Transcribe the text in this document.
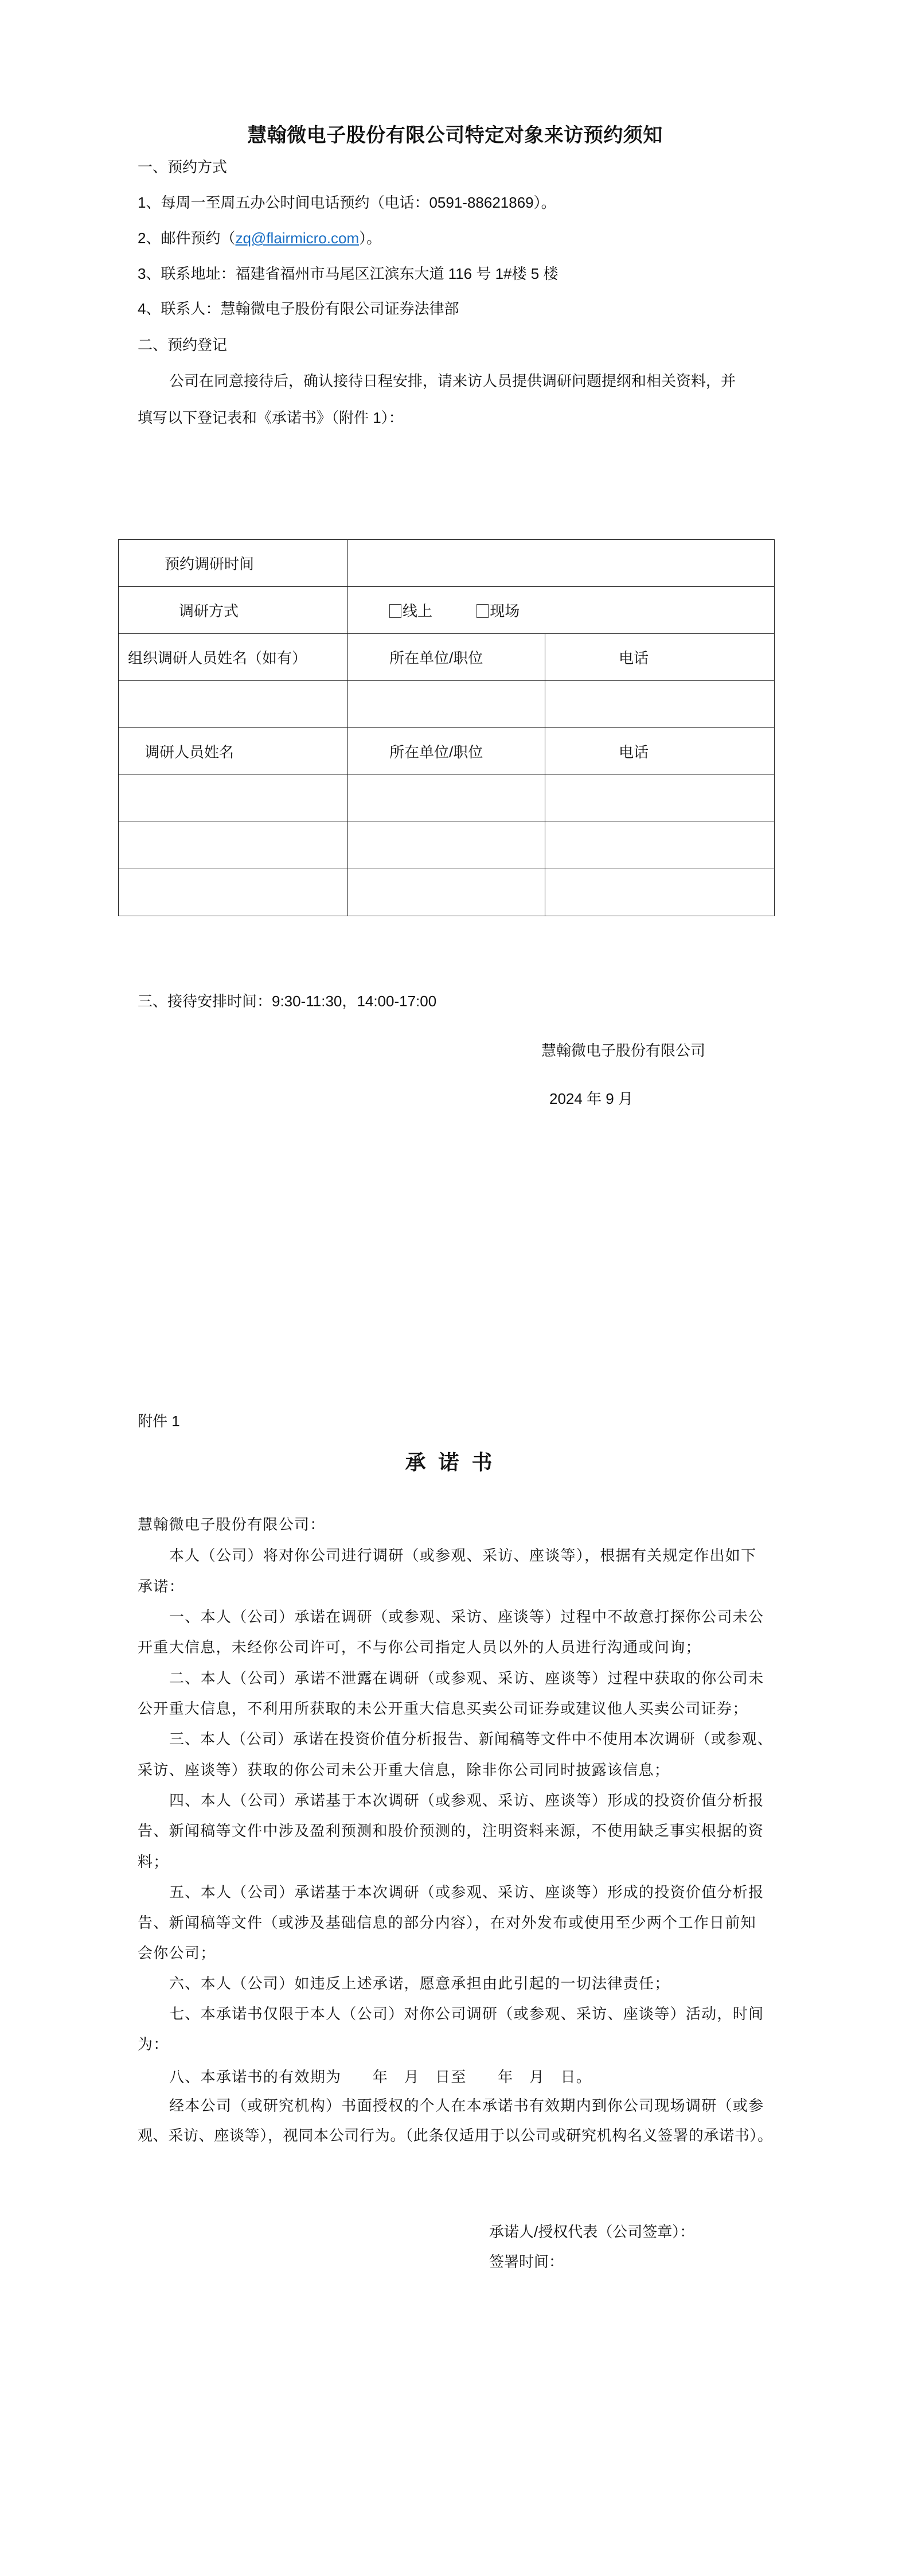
慧翰微电子股份有限公司特定对象来访预约须知
一、预约方式
1、每周一至周五办公时间电话预约（电话：0591-88621869）。
2、邮件预约（zq@flairmicro.com）。
3、联系地址：福建省福州市马尾区江滨东大道 116 号 1#楼 5 楼
4、联系人：慧翰微电子股份有限公司证券法律部
二、预约登记
公司在同意接待后，确认接待日程安排，请来访人员提供调研问题提纲和相关资料，并
填写以下登记表和《承诺书》（附件 1）：
预约调研时间		
调研方式	线上 现场	
组织调研人员姓名（如有）	所在单位/职位	电话

调研人员姓名	所在单位/职位	电话

三、接待安排时间：9:30-11:30，14:00-17:00
慧翰微电子股份有限公司
2024 年 9 月
附件 1
承诺书
慧翰微电子股份有限公司：
本人（公司）将对你公司进行调研（或参观、采访、座谈等），根据有关规定作出如下
承诺：
一、本人（公司）承诺在调研（或参观、采访、座谈等）过程中不故意打探你公司未公
开重大信息，未经你公司许可，不与你公司指定人员以外的人员进行沟通或问询；
二、本人（公司）承诺不泄露在调研（或参观、采访、座谈等）过程中获取的你公司未
公开重大信息，不利用所获取的未公开重大信息买卖公司证券或建议他人买卖公司证券；
三、本人（公司）承诺在投资价值分析报告、新闻稿等文件中不使用本次调研（或参观、
采访、座谈等）获取的你公司未公开重大信息，除非你公司同时披露该信息；
四、本人（公司）承诺基于本次调研（或参观、采访、座谈等）形成的投资价值分析报
告、新闻稿等文件中涉及盈利预测和股价预测的，注明资料来源，不使用缺乏事实根据的资
料；
五、本人（公司）承诺基于本次调研（或参观、采访、座谈等）形成的投资价值分析报
告、新闻稿等文件（或涉及基础信息的部分内容），在对外发布或使用至少两个工作日前知
会你公司；
六、本人（公司）如违反上述承诺，愿意承担由此引起的一切法律责任；
七、本承诺书仅限于本人（公司）对你公司调研（或参观、采访、座谈等）活动，时间
为：
八、本承诺书的有效期为　　年　月　日至　　年　月　日。
经本公司（或研究机构）书面授权的个人在本承诺书有效期内到你公司现场调研（或参
观、采访、座谈等），视同本公司行为。（此条仅适用于以公司或研究机构名义签署的承诺书）。
承诺人/授权代表（公司签章）：
签署时间：
